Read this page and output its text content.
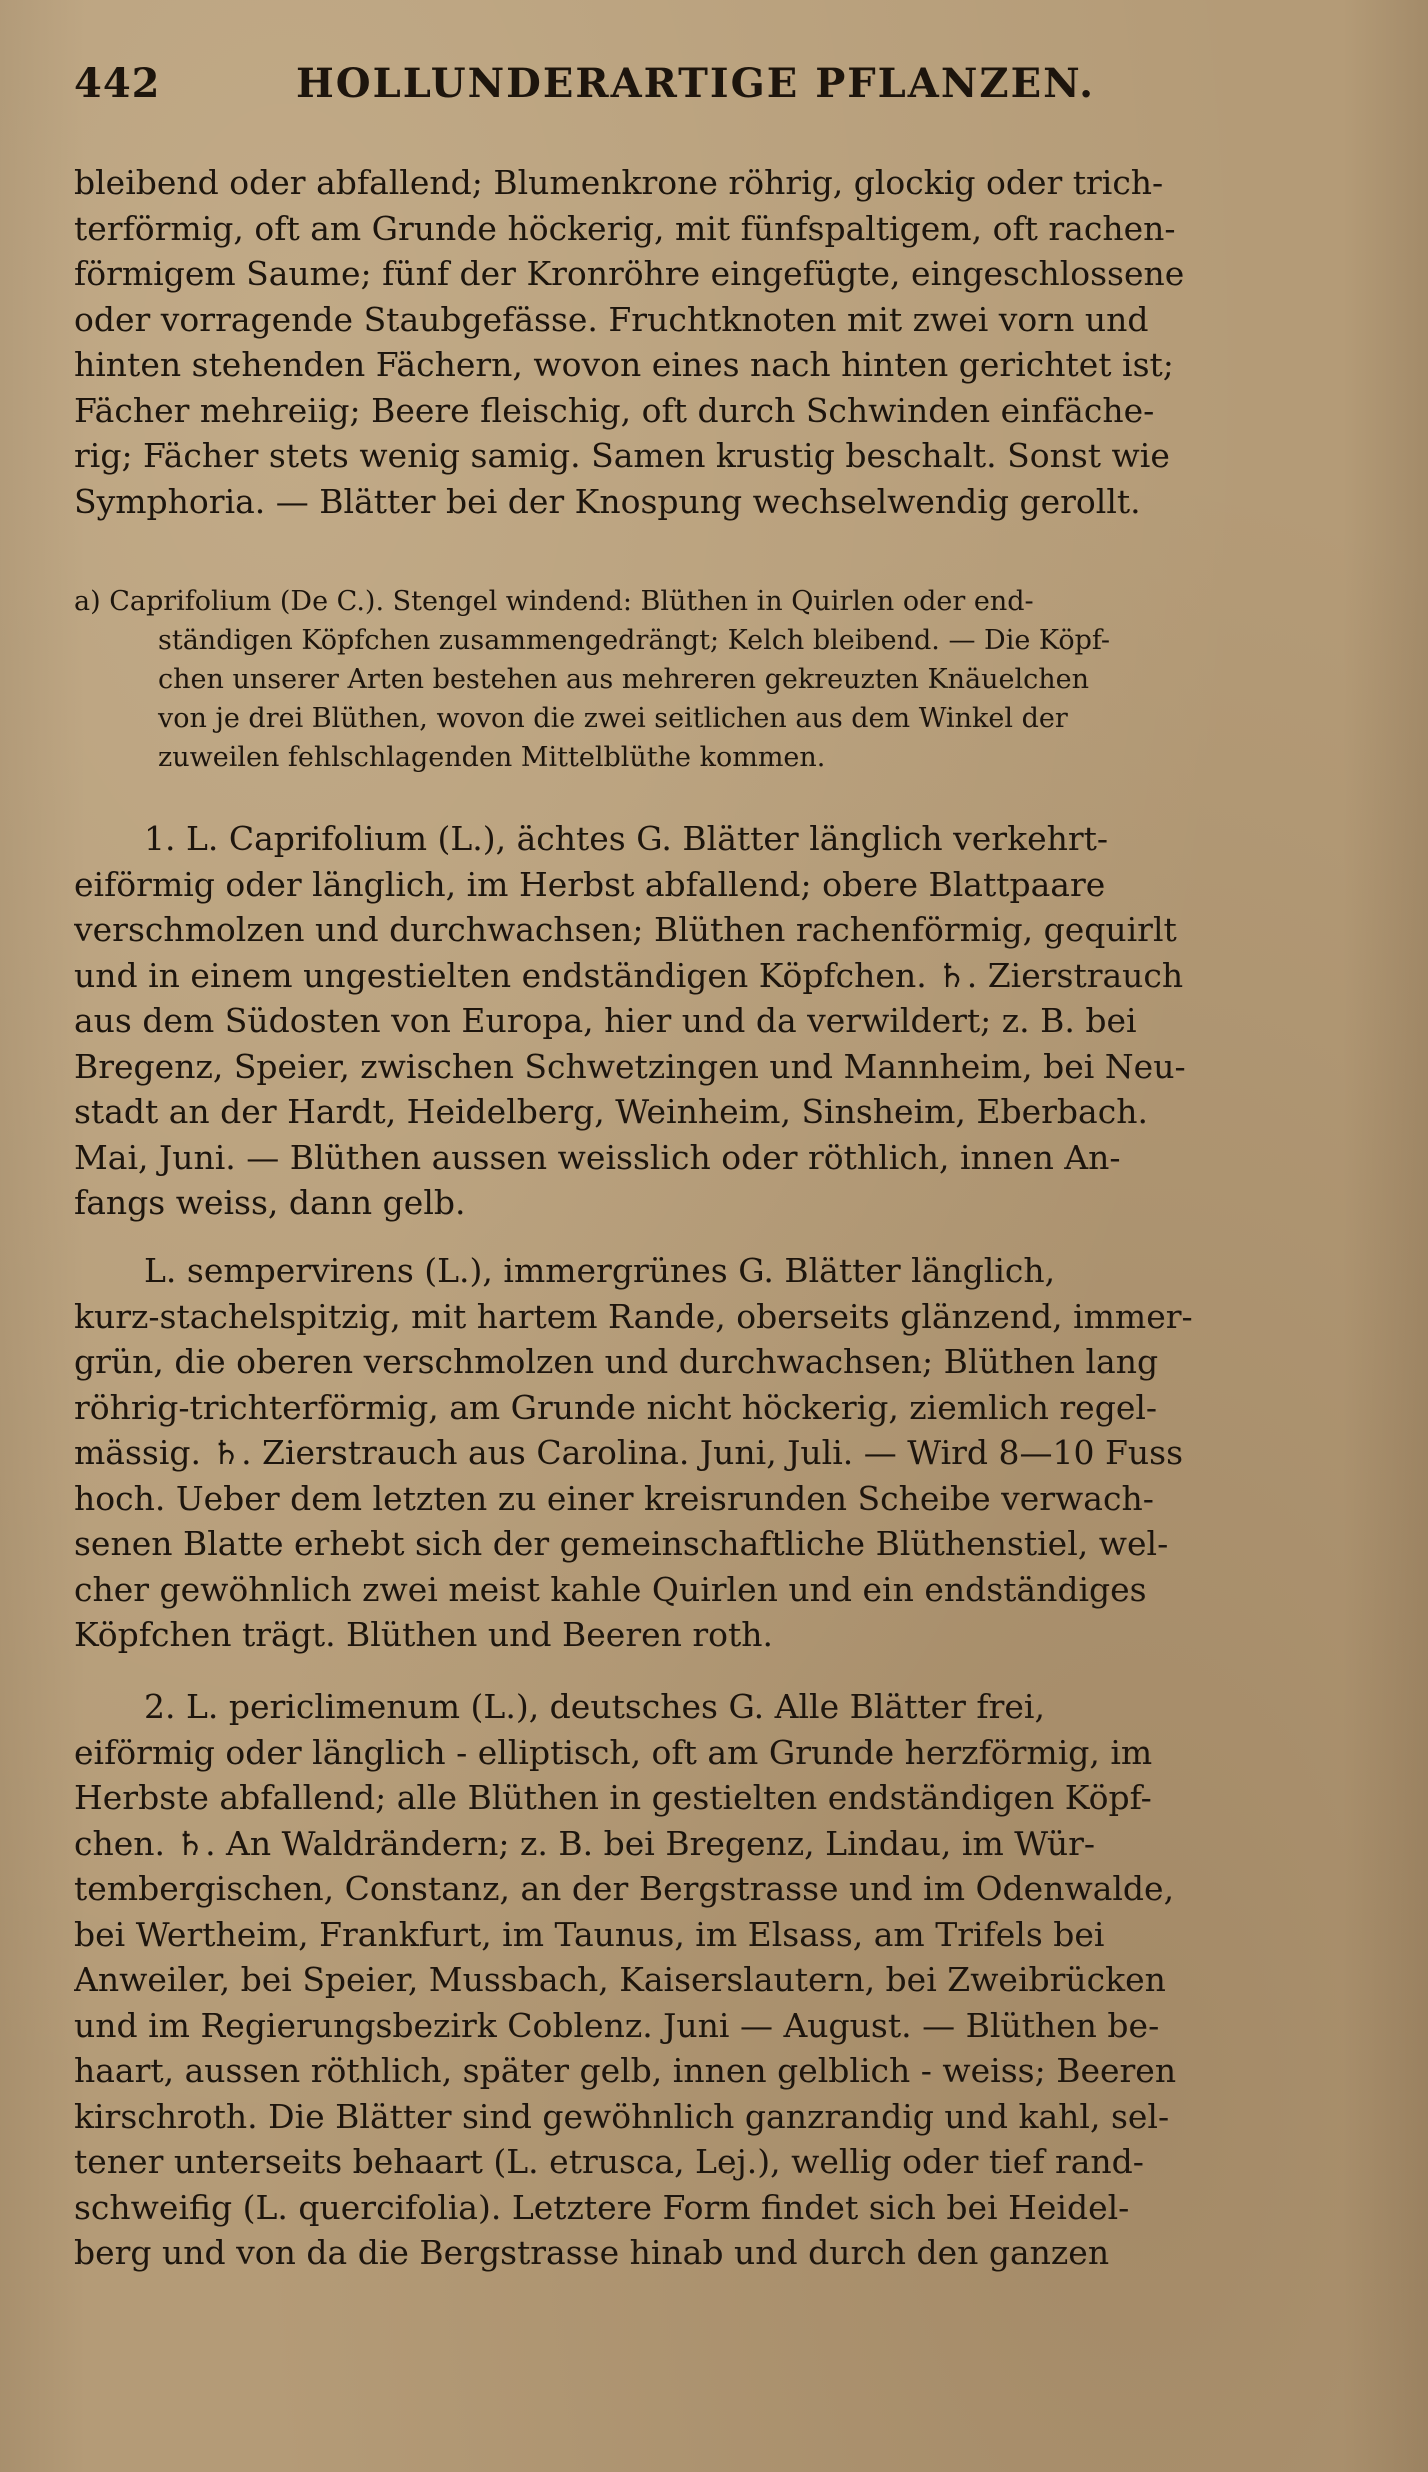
442	HOLLUNDERARTIGE PFLANZEN.
bleibend oder abfallend; Blumenkrone röhrig, glockig oder trich-
terförmig, oft am Grunde höckerig, mit fünfspaltigem, oft rachen-
förmigem Saume; fünf der Kronröhre eingefügte, eingeschlossene
oder vorragende Staubgefässe. Fruchtknoten mit zwei vorn und
hinten stehenden Fächern, wovon eines nach hinten gerichtet ist;
Fächer mehreiig; Beere fleischig, oft durch Schwinden einfäche-
rig; Fächer stets wenig samig. Samen krustig beschalt. Sonst wie
Symphoria. — Blätter bei der Knospung wechselwendig gerollt.
a) Caprifolium (De C.). Stengel windend: Blüthen in Quirlen oder end-
ständigen Köpfchen zusammengedrängt; Kelch bleibend. — Die Köpf-
chen unserer Arten bestehen aus mehreren gekreuzten Knäuelchen
von je drei Blüthen, wovon die zwei seitlichen aus dem Winkel der
zuweilen fehlschlagenden Mittelblüthe kommen.
1. L. Caprifolium (L.), ächtes G. Blätter länglich verkehrt-
eiförmig oder länglich, im Herbst abfallend; obere Blattpaare
verschmolzen und durchwachsen; Blüthen rachenförmig, gequirlt
und in einem ungestielten endständigen Köpfchen. ♄. Zierstrauch
aus dem Südosten von Europa, hier und da verwildert; z. B. bei
Bregenz, Speier, zwischen Schwetzingen und Mannheim, bei Neu-
stadt an der Hardt, Heidelberg, Weinheim, Sinsheim, Eberbach.
Mai, Juni. — Blüthen aussen weisslich oder röthlich, innen An-
fangs weiss, dann gelb.
L. sempervirens (L.), immergrünes G. Blätter länglich,
kurz-stachelspitzig, mit hartem Rande, oberseits glänzend, immer-
grün, die oberen verschmolzen und durchwachsen; Blüthen lang
röhrig-trichterförmig, am Grunde nicht höckerig, ziemlich regel-
mässig. ♄. Zierstrauch aus Carolina. Juni, Juli. — Wird 8—10 Fuss
hoch. Ueber dem letzten zu einer kreisrunden Scheibe verwach-
senen Blatte erhebt sich der gemeinschaftliche Blüthenstiel, wel-
cher gewöhnlich zwei meist kahle Quirlen und ein endständiges
Köpfchen trägt. Blüthen und Beeren roth.
2. L. periclimenum (L.), deutsches G. Alle Blätter frei,
eiförmig oder länglich - elliptisch, oft am Grunde herzförmig, im
Herbste abfallend; alle Blüthen in gestielten endständigen Köpf-
chen. ♄. An Waldrändern; z. B. bei Bregenz, Lindau, im Wür-
tembergischen, Constanz, an der Bergstrasse und im Odenwalde,
bei Wertheim, Frankfurt, im Taunus, im Elsass, am Trifels bei
Anweiler, bei Speier, Mussbach, Kaiserslautern, bei Zweibrücken
und im Regierungsbezirk Coblenz. Juni — August. — Blüthen be-
haart, aussen röthlich, später gelb, innen gelblich - weiss; Beeren
kirschroth. Die Blätter sind gewöhnlich ganzrandig und kahl, sel-
tener unterseits behaart (L. etrusca, Lej.), wellig oder tief rand-
schweifig (L. quercifolia). Letztere Form findet sich bei Heidel-
berg und von da die Bergstrasse hinab und durch den ganzen
